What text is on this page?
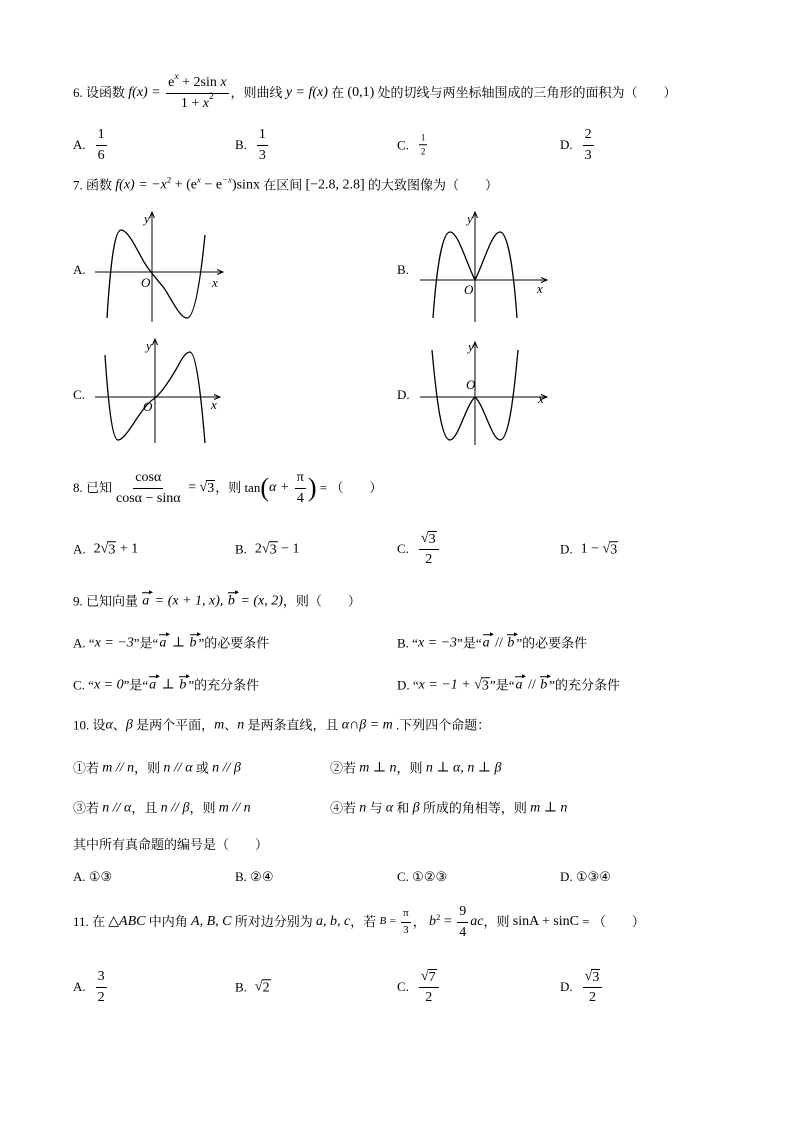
6. 设函数 $f(x) = \frac{\text{e x + 2sin x}}{1 + x 2}$ ，则曲线 y = f(x) 在 (0,1) 处的切线与两坐标轴围成的三角形的面积为（　　）
A. $\frac{1}{6}$	B. $\frac{1}{3}$	C. $\frac{1}{2}$	D. $\frac{2}{3}$
7. 函数 f(x) = −x 2 + (e x − e −x )sinx 在区间 [−2.8, 2.8] 的大致图像为（　　）
A.
y
O	x
B.
y
O	x
C.
y
O	x
D.
y
O
x
8. 已知 $\frac{\cos\alpha}{\cos\alpha - \sin\alpha}$ = √ 3 ，则 tan ( $\alpha + \frac{\pi}{4}$ ) = （　　）
A. 2 √ 3 + 1	B. 2 √ 3 − 1	C. $\frac{√ 3}{2}$	D. 1 − √ 3
9. 已知向量 a = (x + 1, x), b = (x, 2) ，则（　　）
A. “ x = −3 ”是“ a ⊥ b ”的必要条件	B. “ x = −3 ”是“ a // b ”的必要条件
C. “ x = 0 ”是“ a ⊥ b ”的充分条件	D. “ x = −1 + √ 3 ”是“ a // b ”的充分条件
10. 设 α 、 β 是两个平面， m 、 n 是两条直线，且 α∩β = m .下列四个命题：
①若 m // n ，则 n // α 或 n // β	②若 m ⊥ n ，则 n ⊥ α, n ⊥ β
③若 n // α ，且 n // β ，则 m // n	④若 n 与 α 和 β 所成的角相等，则 m ⊥ n
其中所有真命题的编号是（　　）
A. ①③	B. ②④	C. ①②③	D. ①③④
11. 在 △ABC 中内角 A, B, C 所对边分别为 a, b, c ，若 $B = \frac{\pi}{3}$ ， b $2 = \frac{9}{4}$ ac ，则 sinA + sinC = （　　）
A. $\frac{3}{2}$	B. √ 2	C. $\frac{√ 7}{2}$	D. $\frac{√ 3}{2}$
